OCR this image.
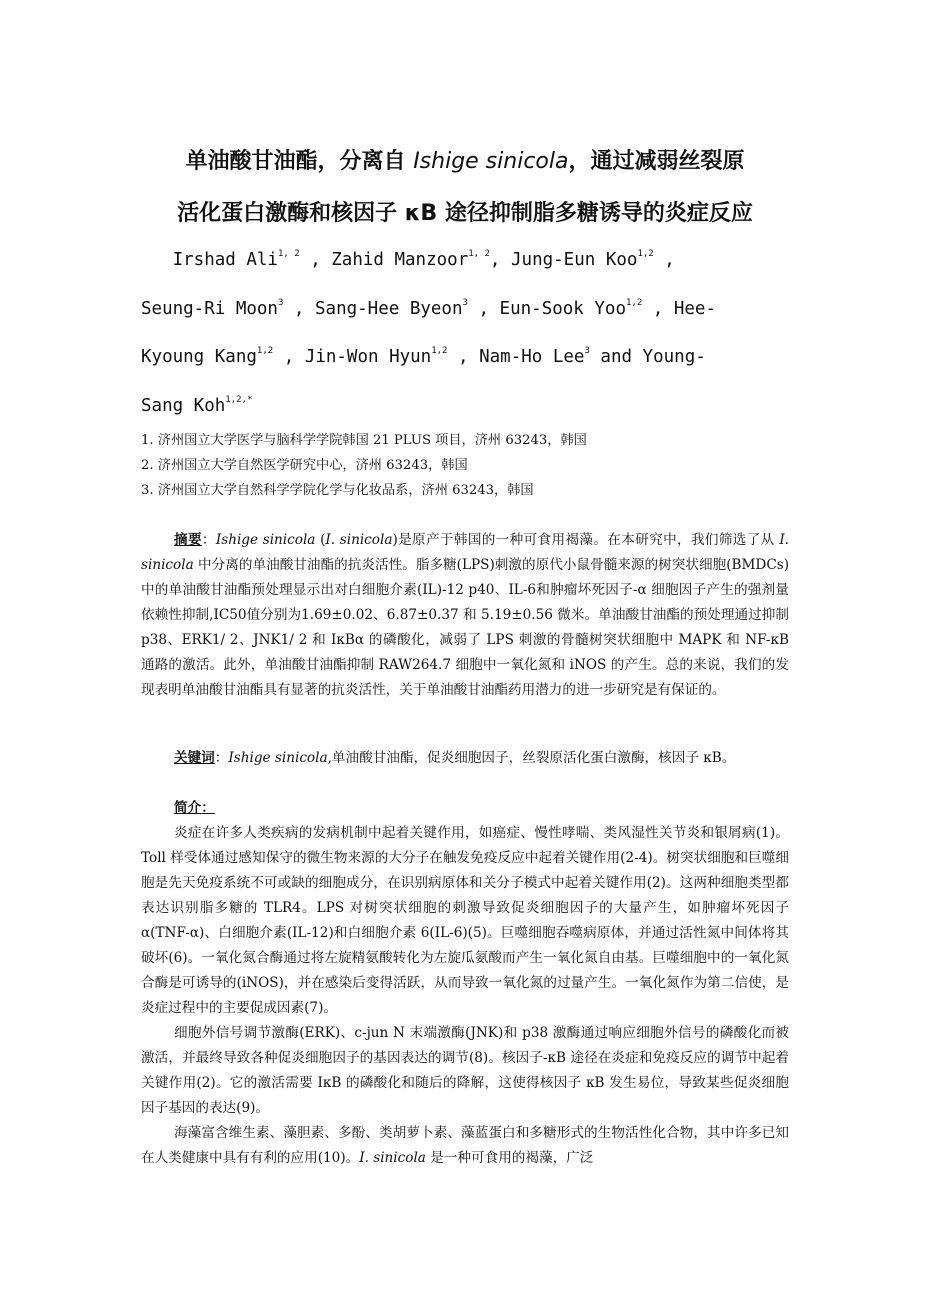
单油酸甘油酯，分离自 Ishige sinicola，通过减弱丝裂原
活化蛋白激酶和核因子 κB 途径抑制脂多糖诱导的炎症反应
   Irshad Ali$^{1, 2}$ , Zahid Manzoor$^{1, 2}$, Jung-Eun Koo$^{1,2}$ ,
Seung-Ri Moon$^3$ , Sang-Hee Byeon$^3$ , Eun-Sook Yoo$^{1,2}$ , Hee-
Kyoung Kang$^{1,2}$ , Jin-Won Hyun$^{1,2}$ , Nam-Ho Lee$^3$ and Young-
Sang Koh$^{1,2,*}$
1. 济州国立大学医学与脑科学学院韩国 21 PLUS 项目，济州 63243，韩国
2. 济州国立大学自然医学研究中心，济州 63243，韩国
3. 济州国立大学自然科学学院化学与化妆品系，济州 63243，韩国

摘要：Ishige sinicola (I. sinicola)是原产于韩国的一种可食用褐藻。在本研究中，我们筛选了从 I. sinicola 中分离的单油酸甘油酯的抗炎活性。脂多糖(LPS)刺激的原代小鼠骨髓来源的树突状细胞(BMDCs)中的单油酸甘油酯预处理显示出对白细胞介素(IL)-12 p40、IL-6和肿瘤坏死因子-α 细胞因子产生的强剂量依赖性抑制,IC50值分别为1.69±0.02、6.87±0.37 和 5.19±0.56 微米。单油酸甘油酯的预处理通过抑制 p38、ERK1/ 2、JNK1/ 2 和 IκBα 的磷酸化，减弱了 LPS 刺激的骨髓树突状细胞中 MAPK 和 NF-κB 通路的激活。此外，单油酸甘油酯抑制 RAW264.7 细胞中一氧化氮和 iNOS 的产生。总的来说，我们的发现表明单油酸甘油酯具有显著的抗炎活性，关于单油酸甘油酯药用潜力的进一步研究是有保证的。

关键词：Ishige sinicola,单油酸甘油酯，促炎细胞因子，丝裂原活化蛋白激酶，核因子 κB。

简介：

炎症在许多人类疾病的发病机制中起着关键作用，如癌症、慢性哮喘、类风湿性关节炎和银屑病(1)。Toll 样受体通过感知保守的微生物来源的大分子在触发免疫反应中起着关键作用(2-4)。树突状细胞和巨噬细胞是先天免疫系统不可或缺的细胞成分，在识别病原体和关分子模式中起着关键作用(2)。这两种细胞类型都表达识别脂多糖的 TLR4。LPS 对树突状细胞的刺激导致促炎细胞因子的大量产生，如肿瘤坏死因子 α(TNF-α)、白细胞介素(IL-12)和白细胞介素 6(IL-6)(5)。巨噬细胞吞噬病原体，并通过活性氮中间体将其破坏(6)。一氧化氮合酶通过将左旋精氨酸转化为左旋瓜氨酸而产生一氧化氮自由基。巨噬细胞中的一氧化氮合酶是可诱导的(iNOS)，并在感染后变得活跃，从而导致一氧化氮的过量产生。一氧化氮作为第二信使，是炎症过程中的主要促成因素(7)。

细胞外信号调节激酶(ERK)、c-jun N 末端激酶(JNK)和 p38 激酶通过响应细胞外信号的磷酸化而被激活，并最终导致各种促炎细胞因子的基因表达的调节(8)。核因子-κB 途径在炎症和免疫反应的调节中起着关键作用(2)。它的激活需要 IκB 的磷酸化和随后的降解，这使得核因子 κB 发生易位，导致某些促炎细胞因子基因的表达(9)。

海藻富含维生素、藻胆素、多酚、类胡萝卜素、藻蓝蛋白和多糖形式的生物活性化合物，其中许多已知在人类健康中具有有利的应用(10)。I. sinicola 是一种可食用的褐藻，广泛
